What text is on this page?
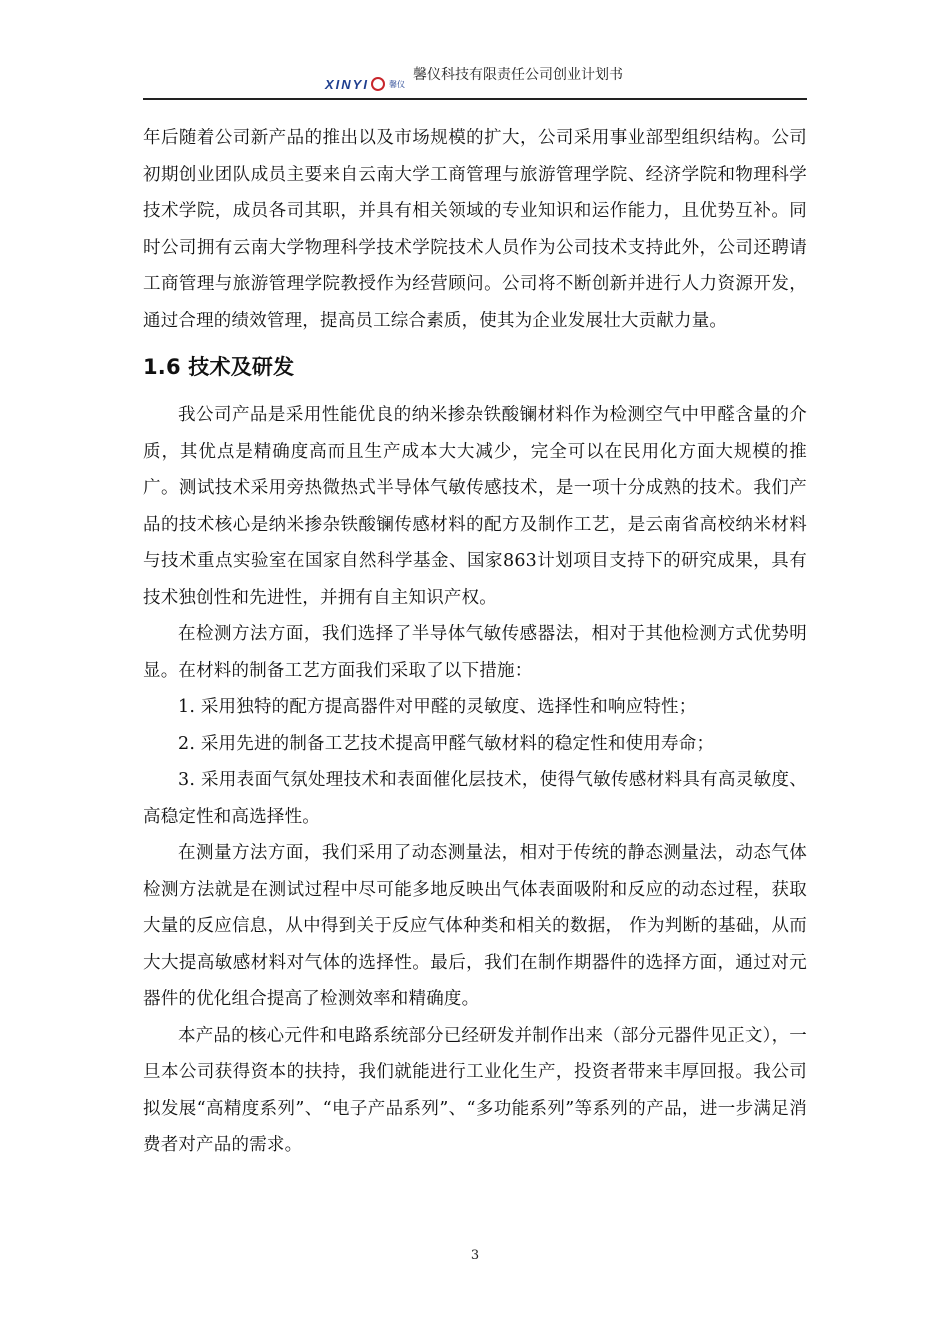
XINYI	馨仪
馨仪科技有限责任公司创业计划书

年后随着公司新产品的推出以及市场规模的扩大，公司采用事业部型组织结构。公司初期创业团队成员主要来自云南大学工商管理与旅游管理学院、经济学院和物理科学技术学院，成员各司其职，并具有相关领域的专业知识和运作能力，且优势互补。同时公司拥有云南大学物理科学技术学院技术人员作为公司技术支持此外，公司还聘请工商管理与旅游管理学院教授作为经营顾问。公司将不断创新并进行人力资源开发，通过合理的绩效管理，提高员工综合素质，使其为企业发展壮大贡献力量。

1.6 技术及研发

我公司产品是采用性能优良的纳米掺杂铁酸镧材料作为检测空气中甲醛含量的介质，其优点是精确度高而且生产成本大大减少，完全可以在民用化方面大规模的推广。测试技术采用旁热微热式半导体气敏传感技术，是一项十分成熟的技术。我们产品的技术核心是纳米掺杂铁酸镧传感材料的配方及制作工艺，是云南省高校纳米材料与技术重点实验室在国家自然科学基金、国家863计划项目支持下的研究成果，具有技术独创性和先进性，并拥有自主知识产权。

在检测方法方面，我们选择了半导体气敏传感器法，相对于其他检测方式优势明显。在材料的制备工艺方面我们采取了以下措施：

1. 采用独特的配方提高器件对甲醛的灵敏度、选择性和响应特性；

2. 采用先进的制备工艺技术提高甲醛气敏材料的稳定性和使用寿命；

3. 采用表面气氛处理技术和表面催化层技术，使得气敏传感材料具有高灵敏度、高稳定性和高选择性。

在测量方法方面，我们采用了动态测量法，相对于传统的静态测量法，动态气体检测方法就是在测试过程中尽可能多地反映出气体表面吸附和反应的动态过程，获取大量的反应信息，从中得到关于反应气体种类和相关的数据， 作为判断的基础，从而大大提高敏感材料对气体的选择性。最后，我们在制作期器件的选择方面，通过对元器件的优化组合提高了检测效率和精确度。

本产品的核心元件和电路系统部分已经研发并制作出来（部分元器件见正文），一旦本公司获得资本的扶持，我们就能进行工业化生产，投资者带来丰厚回报。我公司拟发展“高精度系列”、“电子产品系列”、“多功能系列”等系列的产品，进一步满足消费者对产品的需求。

3
